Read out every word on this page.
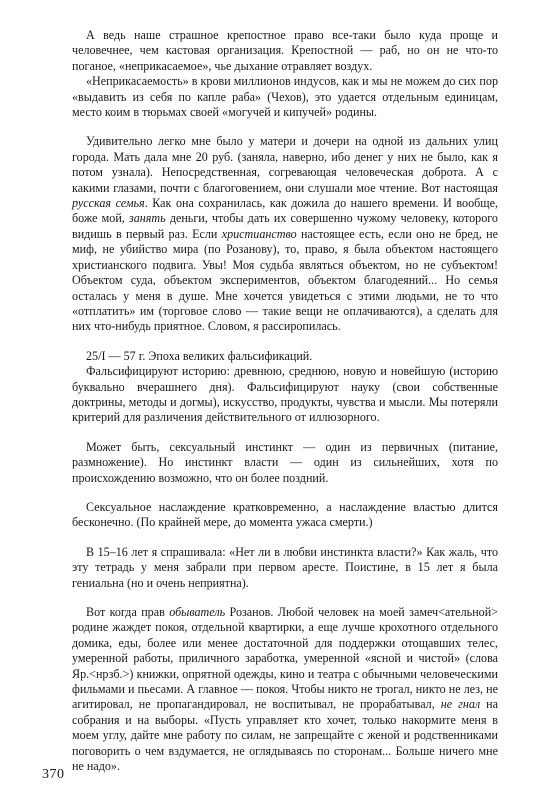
А ведь наше страшное крепостное право все-таки было куда проще и человечнее, чем кастовая организация. Крепостной — раб, но он не что-то поганое, «неприкасаемое», чье дыхание отравляет воздух.

«Неприкасаемость» в крови миллионов индусов, как и мы не можем до сих пор «выдавить из себя по капле раба» (Чехов), это удается отдельным единицам, место коим в тюрьмах своей «могучей и кипучей» родины.

Удивительно легко мне было у матери и дочери на одной из дальних улиц города. Мать дала мне 20 руб. (заняла, наверно, ибо денег у них не было, как я потом узнала). Непосредственная, согревающая человеческая доброта. А с какими глазами, почти с благоговением, они слушали мое чтение. Вот настоящая русская семья. Как она сохранилась, как дожила до нашего времени. И вообще, боже мой, занять деньги, чтобы дать их совершенно чужому человеку, которого видишь в первый раз. Если христианство настоящее есть, если оно не бред, не миф, не убийство мира (по Розанову), то, право, я была объектом настоящего христианского подвига. Увы! Моя судьба являться объектом, но не субъектом! Объектом суда, объектом экспериментов, объектом благодеяний... Но семья осталась у меня в душе. Мне хочется увидеться с этими людьми, не то что «отплатить» им (торговое слово — такие вещи не оплачиваются), а сделать для них что-нибудь приятное. Словом, я рассиропилась.

25/I — 57 г. Эпоха великих фальсификаций.

Фальсифицируют историю: древнюю, среднюю, новую и новейшую (историю буквально вчерашнего дня). Фальсифицируют науку (свои собственные доктрины, методы и догмы), искусство, продукты, чувства и мысли. Мы потеряли критерий для различения действительного от иллюзорного.

Может быть, сексуальный инстинкт — один из первичных (питание, размножение). Но инстинкт власти — один из сильнейших, хотя по происхождению возможно, что он более поздний.

Сексуальное наслаждение кратковременно, а наслаждение властью длится бесконечно. (По крайней мере, до момента ужаса смерти.)

В 15–16 лет я спрашивала: «Нет ли в любви инстинкта власти?» Как жаль, что эту тетрадь у меня забрали при первом аресте. Поистине, в 15 лет я была гениальна (но и очень неприятна).

Вот когда прав обыватель Розанов. Любой человек на моей замеч<ательной> родине жаждет покоя, отдельной квартирки, а еще лучше крохотного отдельного домика, еды, более или менее достаточной для поддержки отощавших телес, умеренной работы, приличного заработка, умеренной «ясной и чистой» (слова Яр.<нрзб.>) книжки, опрятной одежды, кино и театра с обычными человеческими фильмами и пьесами. А главное — покоя. Чтобы никто не трогал, никто не лез, не агитировал, не пропагандировал, не воспитывал, не прорабатывал, не гнал на собрания и на выборы. «Пусть управляет кто хочет, только накормите меня в моем углу, дайте мне работу по силам, не запрещайте с женой и родственниками поговорить о чем вздумается, не оглядываясь по сторонам... Больше ничего мне не надо».

370
